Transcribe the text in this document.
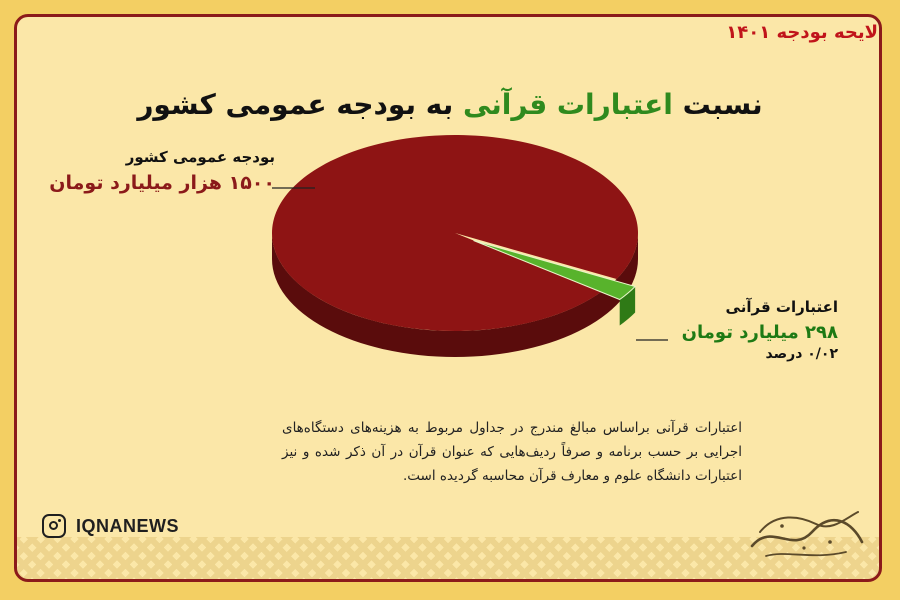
لایحه بودجه ۱۴۰۱
نسبت اعتبارات قرآنی به بودجه عمومی کشور
بودجه عمومی کشور
۱۵۰۰ هزار میلیارد تومان
اعتبارات قرآنی
۲۹۸ میلیارد تومان
۰/۰۲ درصد
اعتبارات قرآنی براساس مبالغ مندرج در جداول مربوط به هزینه‌های دستگاه‌های اجرایی بر حسب برنامه و صرفاً ردیف‌هایی که عنوان قرآن در آن ذکر شده و نیز اعتبارات دانشگاه علوم و معارف قرآن محاسبه گردیده است.
IQNANEWS
